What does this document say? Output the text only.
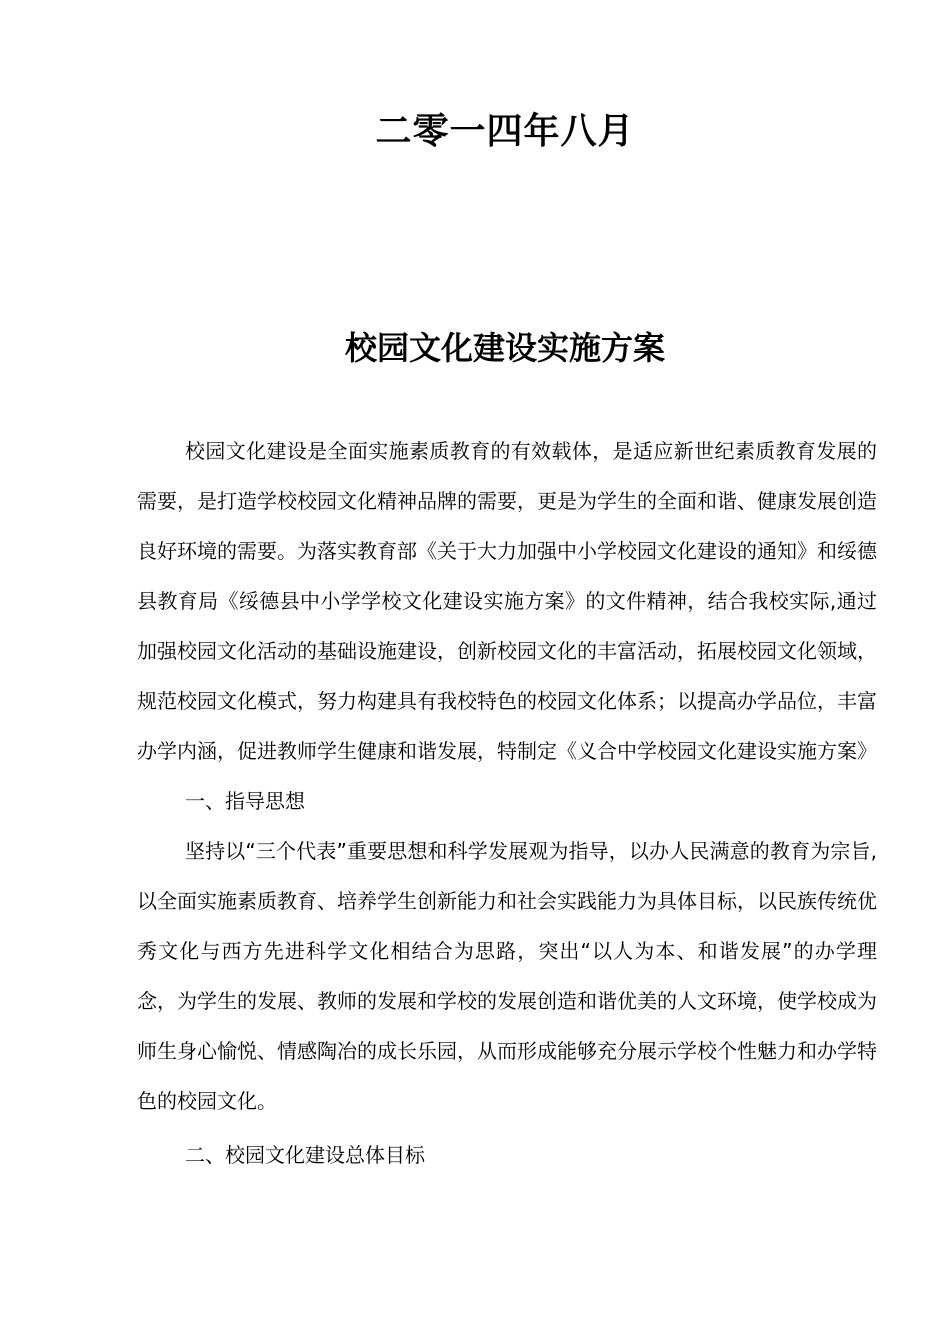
二零一四年八月
校园文化建设实施方案

校园文化建设是全面实施素质教育的有效载体，是适应新世纪素质教育发展的需要，是打造学校校园文化精神品牌的需要，更是为学生的全面和谐、健康发展创造良好环境的需要。为落实教育部《关于大力加强中小学校园文化建设的通知》和绥德县教育局《绥德县中小学学校文化建设实施方案》的文件精神，结合我校实际,通过加强校园文化活动的基础设施建设，创新校园文化的丰富活动，拓展校园文化领域，规范校园文化模式，努力构建具有我校特色的校园文化体系；以提高办学品位，丰富办学内涵，促进教师学生健康和谐发展，特制定《义合中学校园文化建设实施方案》

一、指导思想

坚持以“三个代表”重要思想和科学发展观为指导，以办人民满意的教育为宗旨,以全面实施素质教育、培养学生创新能力和社会实践能力为具体目标，以民族传统优秀文化与西方先进科学文化相结合为思路，突出“以人为本、和谐发展”的办学理念，为学生的发展、教师的发展和学校的发展创造和谐优美的人文环境，使学校成为师生身心愉悦、情感陶冶的成长乐园，从而形成能够充分展示学校个性魅力和办学特色的校园文化。

二、校园文化建设总体目标
